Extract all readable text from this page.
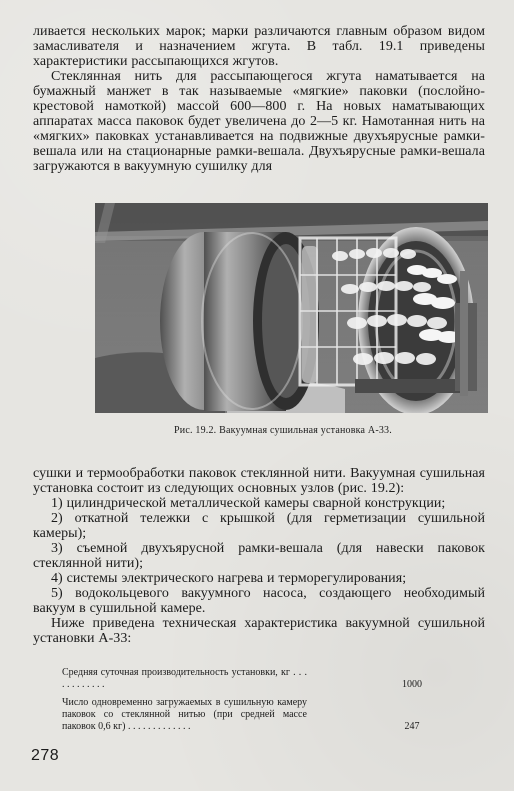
ливается нескольких марок; марки различаются главным образом видом замасливателя и назначением жгута. В табл. 19.1 приведены характеристики рассыпающихся жгутов.

Стеклянная нить для рассыпающегося жгута наматывается на бумажный манжет в так называемые «мягкие» паковки (послойно-крестовой намоткой) массой 600—800 г. На новых наматывающих аппаратах масса паковок будет увеличена до 2—5 кг. Намотанная нить на «мягких» паковках устанавливается на подвижные двухъярусные рамки-вешала или на стационарные рамки-вешала. Двухъярусные рамки-вешала загружаются в вакуумную сушилку для

Рис. 19.2. Вакуумная сушильная установка А-33.

сушки и термообработки паковок стеклянной нити. Вакуумная сушильная установка состоит из следующих основных узлов (рис. 19.2):

1) цилиндрической металлической камеры сварной конструкции;

2) откатной тележки с крышкой (для герметизации сушильной камеры);

3) съемной двухъярусной рамки-вешала (для навески паковок стеклянной нити);

4) системы электрического нагрева и терморегулирования;

5) водокольцевого вакуумного насоса, создающего необходимый вакуум в сушильной камере.

Ниже приведена техническая характеристика вакуумной сушильной установки А-33:

Средняя суточная производительность установки, кг . . . . . . . . . . . .	1000
Число одновременно загружаемых в сушильную камеру паковок со стеклянной нитью (при средней массе паковок 0,6 кг) . . . . . . . . . . . . .	247
278
